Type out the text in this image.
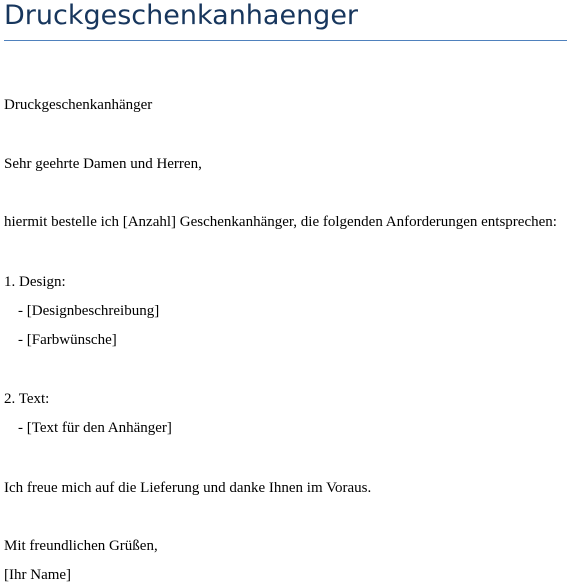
Druckgeschenkanhaenger

Druckgeschenkanhänger

Sehr geehrte Damen und Herren,

hiermit bestelle ich [Anzahl] Geschenkanhänger, die folgenden Anforderungen entsprechen:

1. Design:

- [Designbeschreibung]

- [Farbwünsche]

2. Text:

- [Text für den Anhänger]

Ich freue mich auf die Lieferung und danke Ihnen im Voraus.

Mit freundlichen Grüßen,

[Ihr Name]
